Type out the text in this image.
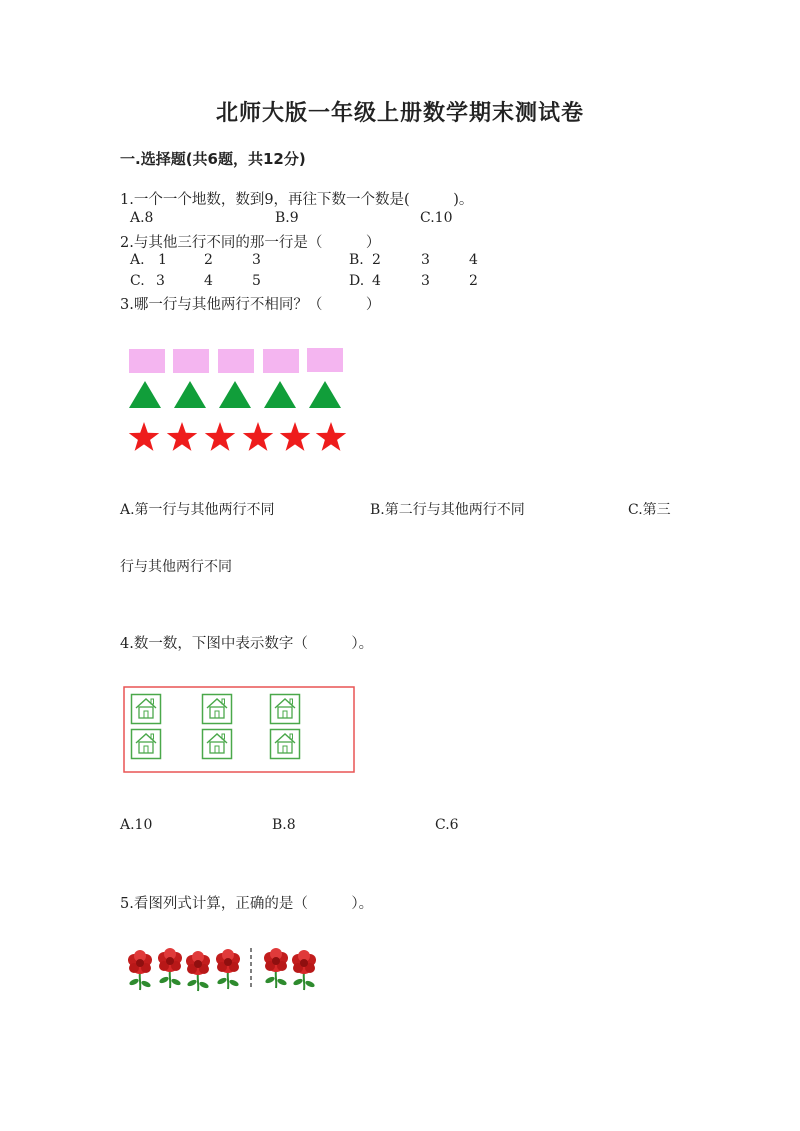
北师大版一年级上册数学期末测试卷
一.选择题(共6题，共12分)
1.一个一个地数，数到9，再往下数一个数是(　　　)。
A.8	B.9	C.10
2.与其他三行不同的那一行是（　　　）
A. 1	2	3	B. 2	3	4
C. 3	4	5	D. 4	3	2
3.哪一行与其他两行不相同？（　　　）
A.第一行与其他两行不同	B.第二行与其他两行不同	C.第三
行与其他两行不同
4.数一数，下图中表示数字（　　　）。
A.10	B.8	C.6
5.看图列式计算，正确的是（　　　）。
